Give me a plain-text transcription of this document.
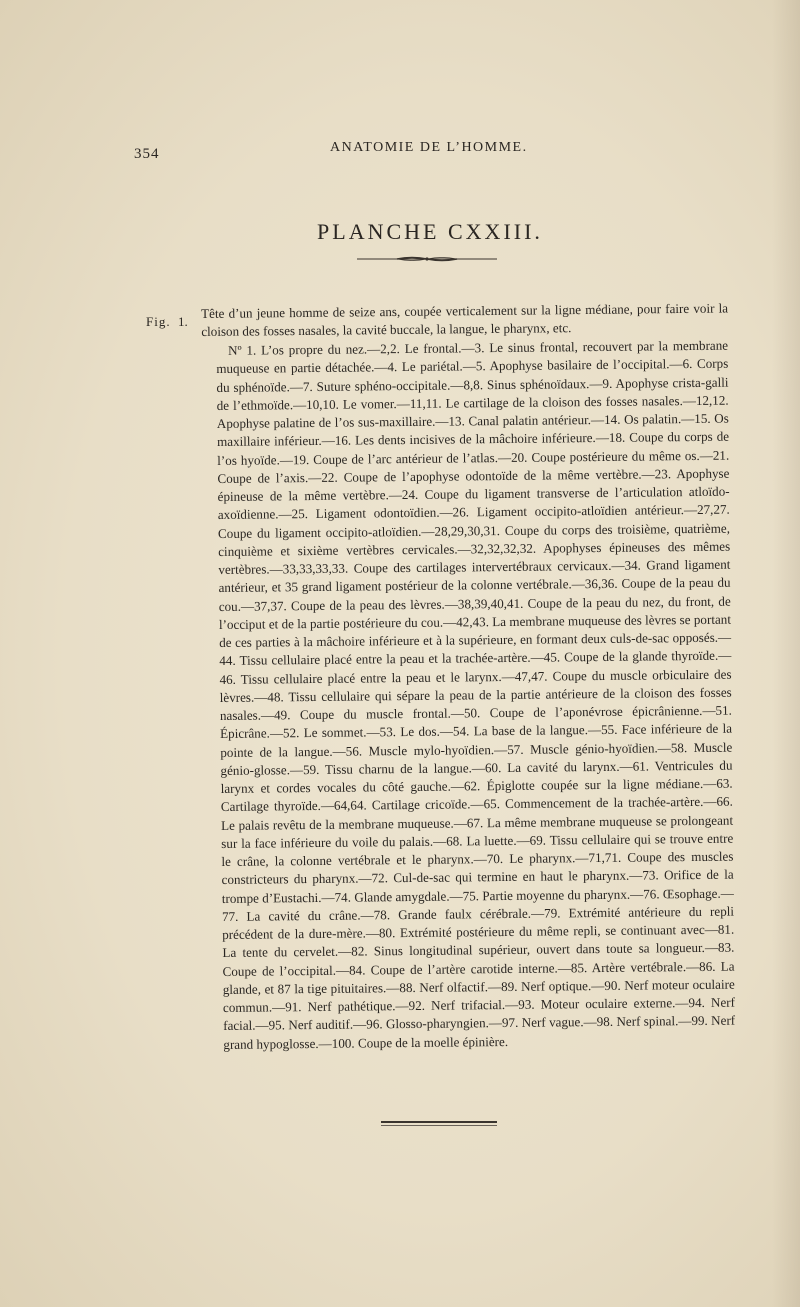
354	ANATOMIE DE L’HOMME.
PLANCHE CXXIII.
Fig. 1.

Tête d’un jeune homme de seize ans, coupée verticalement sur la ligne médiane, pour faire voir la cloison des fosses nasales, la cavité buccale, la langue, le pharynx, etc.

Nº 1. L’os propre du nez.—2,2. Le frontal.—3. Le sinus frontal, recouvert par la membrane muqueuse en partie détachée.—4. Le pariétal.—5. Apophyse basilaire de l’occipital.—6. Corps du sphénoïde.—7. Suture sphéno-occipitale.—8,8. Sinus sphénoïdaux.—9. Apophyse crista-galli de l’ethmoïde.—10,10. Le vomer.—11,11. Le cartilage de la cloison des fosses nasales.—12,12. Apophyse palatine de l’os sus-maxillaire.—13. Canal palatin antérieur.—14. Os palatin.—15. Os maxillaire inférieur.—16. Les dents incisives de la mâchoire inférieure.—18. Coupe du corps de l’os hyoïde.—19. Coupe de l’arc antérieur de l’atlas.—20. Coupe postérieure du même os.—21. Coupe de l’axis.—22. Coupe de l’apophyse odontoïde de la même vertèbre.—23. Apophyse épineuse de la même vertèbre.—24. Coupe du ligament transverse de l’articulation atloïdo-axoïdienne.—25. Ligament odontoïdien.—26. Ligament occipito-atloïdien antérieur.—27,27. Coupe du ligament occipito-atloïdien.—28,29,30,31. Coupe du corps des troisième, quatrième, cinquième et sixième vertèbres cervicales.—32,32,32,32. Apophyses épineuses des mêmes vertèbres.—33,33,33,33. Coupe des cartilages intervertébraux cervicaux.—34. Grand ligament antérieur, et 35 grand ligament postérieur de la colonne vertébrale.—36,36. Coupe de la peau du cou.—37,37. Coupe de la peau des lèvres.—38,39,40,41. Coupe de la peau du nez, du front, de l’occiput et de la partie postérieure du cou.—42,43. La membrane muqueuse des lèvres se portant de ces parties à la mâchoire inférieure et à la supérieure, en formant deux culs-de-sac opposés.—44. Tissu cellulaire placé entre la peau et la trachée-artère.—45. Coupe de la glande thyroïde.—46. Tissu cellulaire placé entre la peau et le larynx.—47,47. Coupe du muscle orbiculaire des lèvres.—48. Tissu cellulaire qui sépare la peau de la partie antérieure de la cloison des fosses nasales.—49. Coupe du muscle frontal.—50. Coupe de l’aponévrose épicrânienne.—51. Épicrâne.—52. Le sommet.—53. Le dos.—54. La base de la langue.—55. Face inférieure de la pointe de la langue.—56. Muscle mylo-hyoïdien.—57. Muscle génio-hyoïdien.—58. Muscle génio-glosse.—59. Tissu charnu de la langue.—60. La cavité du larynx.—61. Ventricules du larynx et cordes vocales du côté gauche.—62. Épiglotte coupée sur la ligne médiane.—63. Cartilage thyroïde.—64,64. Cartilage cricoïde.—65. Commencement de la trachée-artère.—66. Le palais revêtu de la membrane muqueuse.—67. La même membrane muqueuse se prolongeant sur la face inférieure du voile du palais.—68. La luette.—69. Tissu cellulaire qui se trouve entre le crâne, la colonne vertébrale et le pharynx.—70. Le pharynx.—71,71. Coupe des muscles constricteurs du pharynx.—72. Cul-de-sac qui termine en haut le pharynx.—73. Orifice de la trompe d’Eustachi.—74. Glande amygdale.—75. Partie moyenne du pharynx.—76. Œsophage.—77. La cavité du crâne.—78. Grande faulx cérébrale.—79. Extrémité antérieure du repli précédent de la dure-mère.—80. Extrémité postérieure du même repli, se continuant avec—81. La tente du cervelet.—82. Sinus longitudinal supérieur, ouvert dans toute sa longueur.—83. Coupe de l’occipital.—84. Coupe de l’artère carotide interne.—85. Artère vertébrale.—86. La glande, et 87 la tige pituitaires.—88. Nerf olfactif.—89. Nerf optique.—90. Nerf moteur oculaire commun.—91. Nerf pathétique.—92. Nerf trifacial.—93. Moteur oculaire externe.—94. Nerf facial.—95. Nerf auditif.—96. Glosso-pharyngien.—97. Nerf vague.—98. Nerf spinal.—99. Nerf grand hypoglosse.—100. Coupe de la moelle épinière.
